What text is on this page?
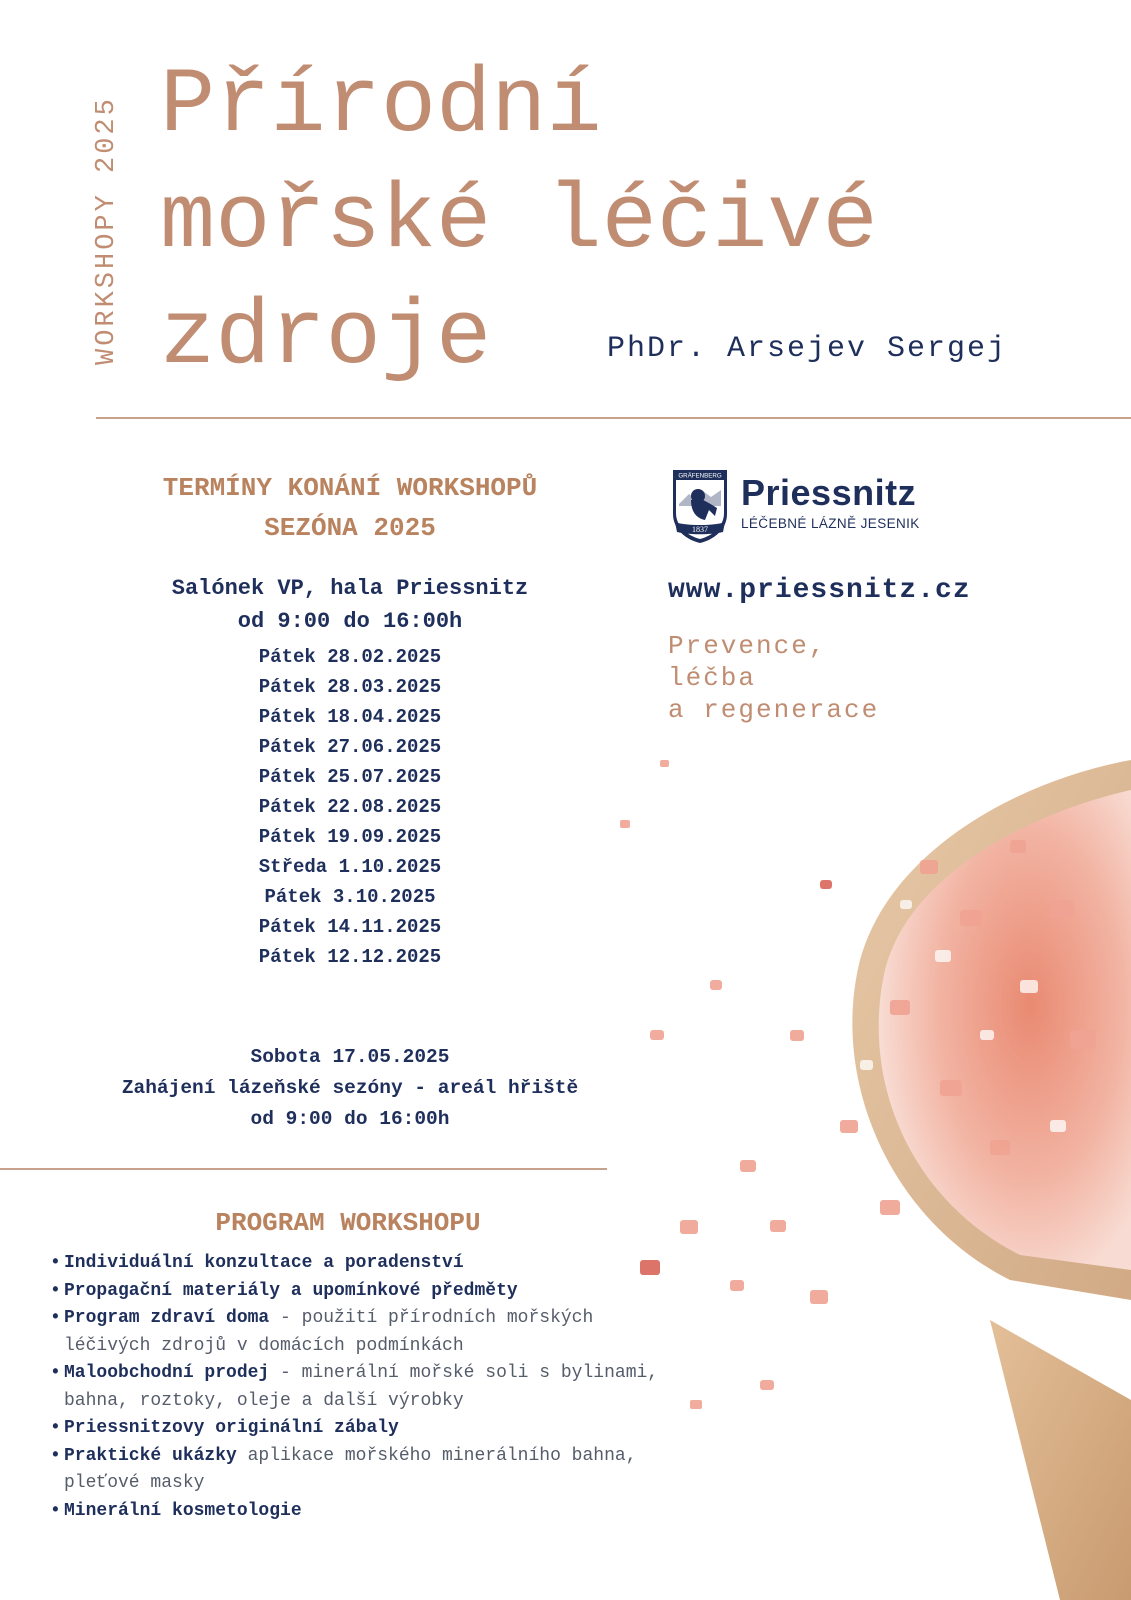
WORKSHOPY 2025 Přírodní
mořské léčivé
zdroje	PhDr. Arsejev Sergej
TERMÍNY KONÁNÍ WORKSHOPŮ
SEZÓNA 2025
Salónek VP, hala Priessnitz
od 9:00 do 16:00h
Pátek 28.02.2025
Pátek 28.03.2025
Pátek 18.04.2025
Pátek 27.06.2025
Pátek 25.07.2025
Pátek 22.08.2025
Pátek 19.09.2025
Středa 1.10.2025
Pátek 3.10.2025
Pátek 14.11.2025
Pátek 12.12.2025
Sobota 17.05.2025
Zahájení lázeňské sezóny - areál hřiště
od 9:00 do 16:00h
GRÄFENBERG
1837
Priessnitz
LÉČEBNÉ LÁZNĚ JESENIK
www.priessnitz.cz
Prevence,
léčba
a regenerace
PROGRAM WORKSHOPU
• Individuální konzultace a poradenství
• Propagační materiály a upomínkové předměty
• Program zdraví doma - použití přírodních mořských léčivých zdrojů v domácích podmínkách
• Maloobchodní prodej - minerální mořské soli s bylinami, bahna, roztoky, oleje a další výrobky
• Priessnitzovy originální zábaly
• Praktické ukázky aplikace mořského minerálního bahna, pleťové masky
• Minerální kosmetologie
